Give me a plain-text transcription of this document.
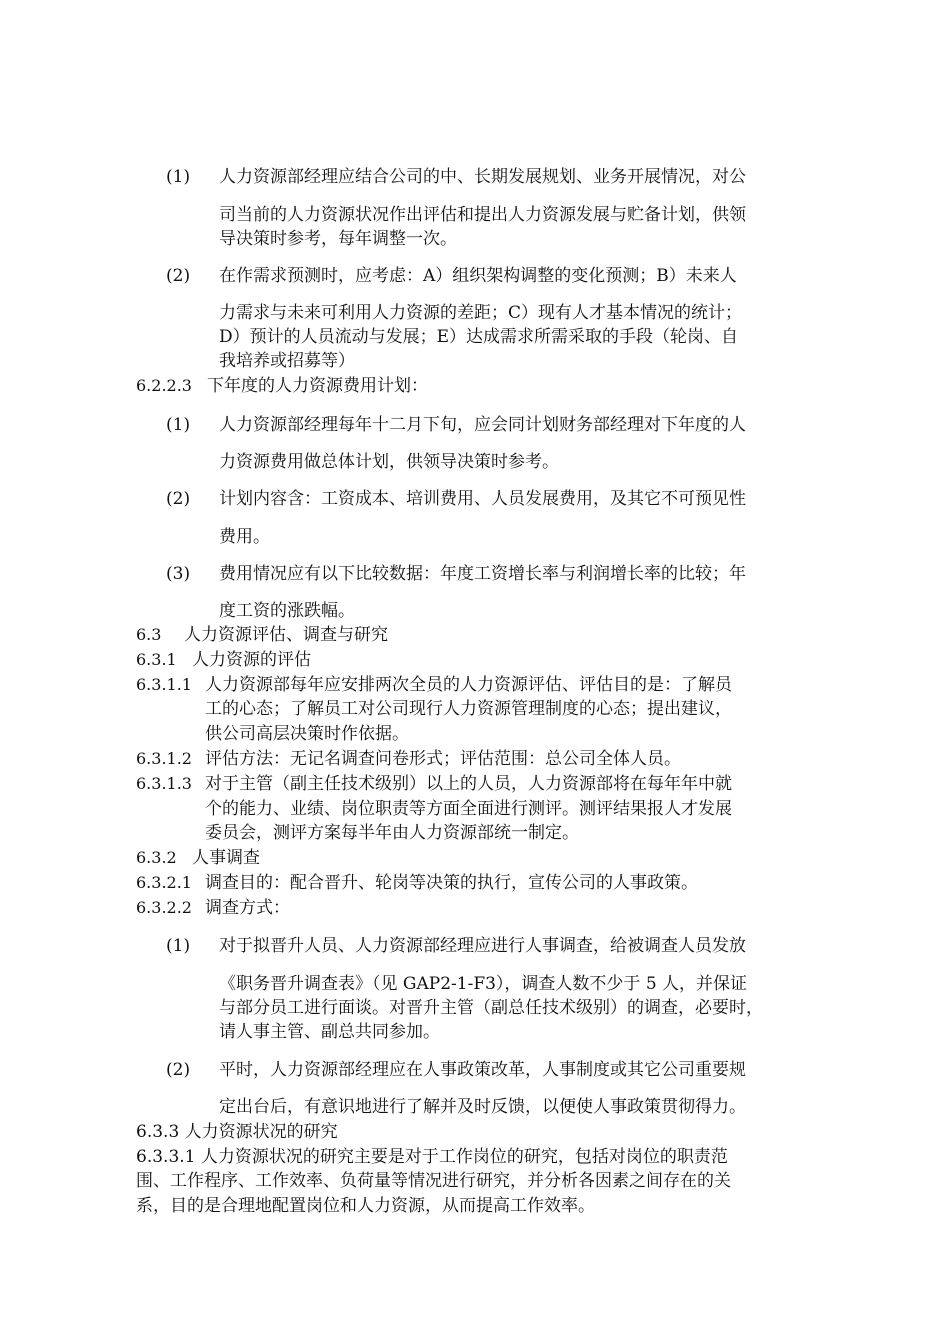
(1) 人力资源部经理应结合公司的中、长期发展规划、业务开展情况，对公
司当前的人力资源状况作出评估和提出人力资源发展与贮备计划，供领
导决策时参考，每年调整一次。
(2) 在作需求预测时，应考虑：A）组织架构调整的变化预测；B）未来人
力需求与未来可利用人力资源的差距；C）现有人才基本情况的统计；
D）预计的人员流动与发展；E）达成需求所需采取的手段（轮岗、自
我培养或招募等）
6.2.2.3 下年度的人力资源费用计划：
(1) 人力资源部经理每年十二月下旬，应会同计划财务部经理对下年度的人
力资源费用做总体计划，供领导决策时参考。
(2) 计划内容含：工资成本、培训费用、人员发展费用，及其它不可预见性
费用。
(3) 费用情况应有以下比较数据：年度工资增长率与利润增长率的比较；年
度工资的涨跌幅。
6.3 人力资源评估、调查与研究
6.3.1 人力资源的评估
6.3.1.1 人力资源部每年应安排两次全员的人力资源评估、评估目的是：了解员
工的心态；了解员工对公司现行人力资源管理制度的心态；提出建议，
供公司高层决策时作依据。
6.3.1.2 评估方法：无记名调查问卷形式；评估范围：总公司全体人员。
6.3.1.3 对于主管（副主任技术级别）以上的人员，人力资源部将在每年年中就
个的能力、业绩、岗位职责等方面全面进行测评。测评结果报人才发展
委员会，测评方案每半年由人力资源部统一制定。
6.3.2 人事调查
6.3.2.1 调查目的：配合晋升、轮岗等决策的执行，宣传公司的人事政策。
6.3.2.2 调查方式：
(1) 对于拟晋升人员、人力资源部经理应进行人事调查，给被调查人员发放
《职务晋升调查表》（见 GAP2-1-F3），调查人数不少于 5 人，并保证
与部分员工进行面谈。对晋升主管（副总任技术级别）的调查，必要时，
请人事主管、副总共同参加。
(2) 平时，人力资源部经理应在人事政策改革，人事制度或其它公司重要规
定出台后，有意识地进行了解并及时反馈，以便使人事政策贯彻得力。
6.3.3 人力资源状况的研究
6.3.3.1 人力资源状况的研究主要是对于工作岗位的研究，包括对岗位的职责范
围、工作程序、工作效率、负荷量等情况进行研究，并分析各因素之间存在的关
系，目的是合理地配置岗位和人力资源，从而提高工作效率。
